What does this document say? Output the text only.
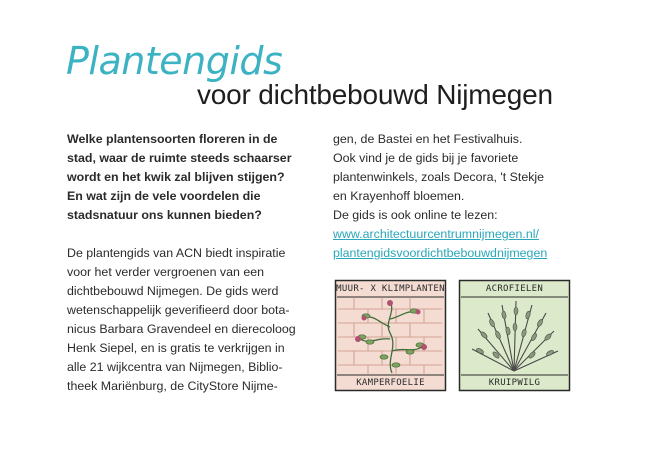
Plantengids
voor dichtbebouwd Nijmegen

Welke plantensoorten floreren in de
stad, waar de ruimte steeds schaarser
wordt en het kwik zal blijven stijgen?
En wat zijn de vele voordelen die
stadsnatuur ons kunnen bieden?

De plantengids van ACN biedt inspiratie
voor het verder vergroenen van een
dichtbebouwd Nijmegen. De gids werd
wetenschappelijk geverifieerd door bota-
nicus Barbara Gravendeel en dierecoloog
Henk Siepel, en is gratis te verkrijgen in
alle 21 wijkcentra van Nijmegen, Biblio-
theek Mariënburg, de CityStore Nijme-

gen, de Bastei en het Festivalhuis.
Ook vind je de gids bij je favoriete
plantenwinkels, zoals Decora, 't Stekje
en Krayenhoff bloemen.
De gids is ook online te lezen:
www.architectuurcentrumnijmegen.nl/
plantengidsvoordichtbebouwdnijmegen
MUUR- X KLIMPLANTEN
KAMPERFOELIE
ACROFIELEN
KRUIPWILG
